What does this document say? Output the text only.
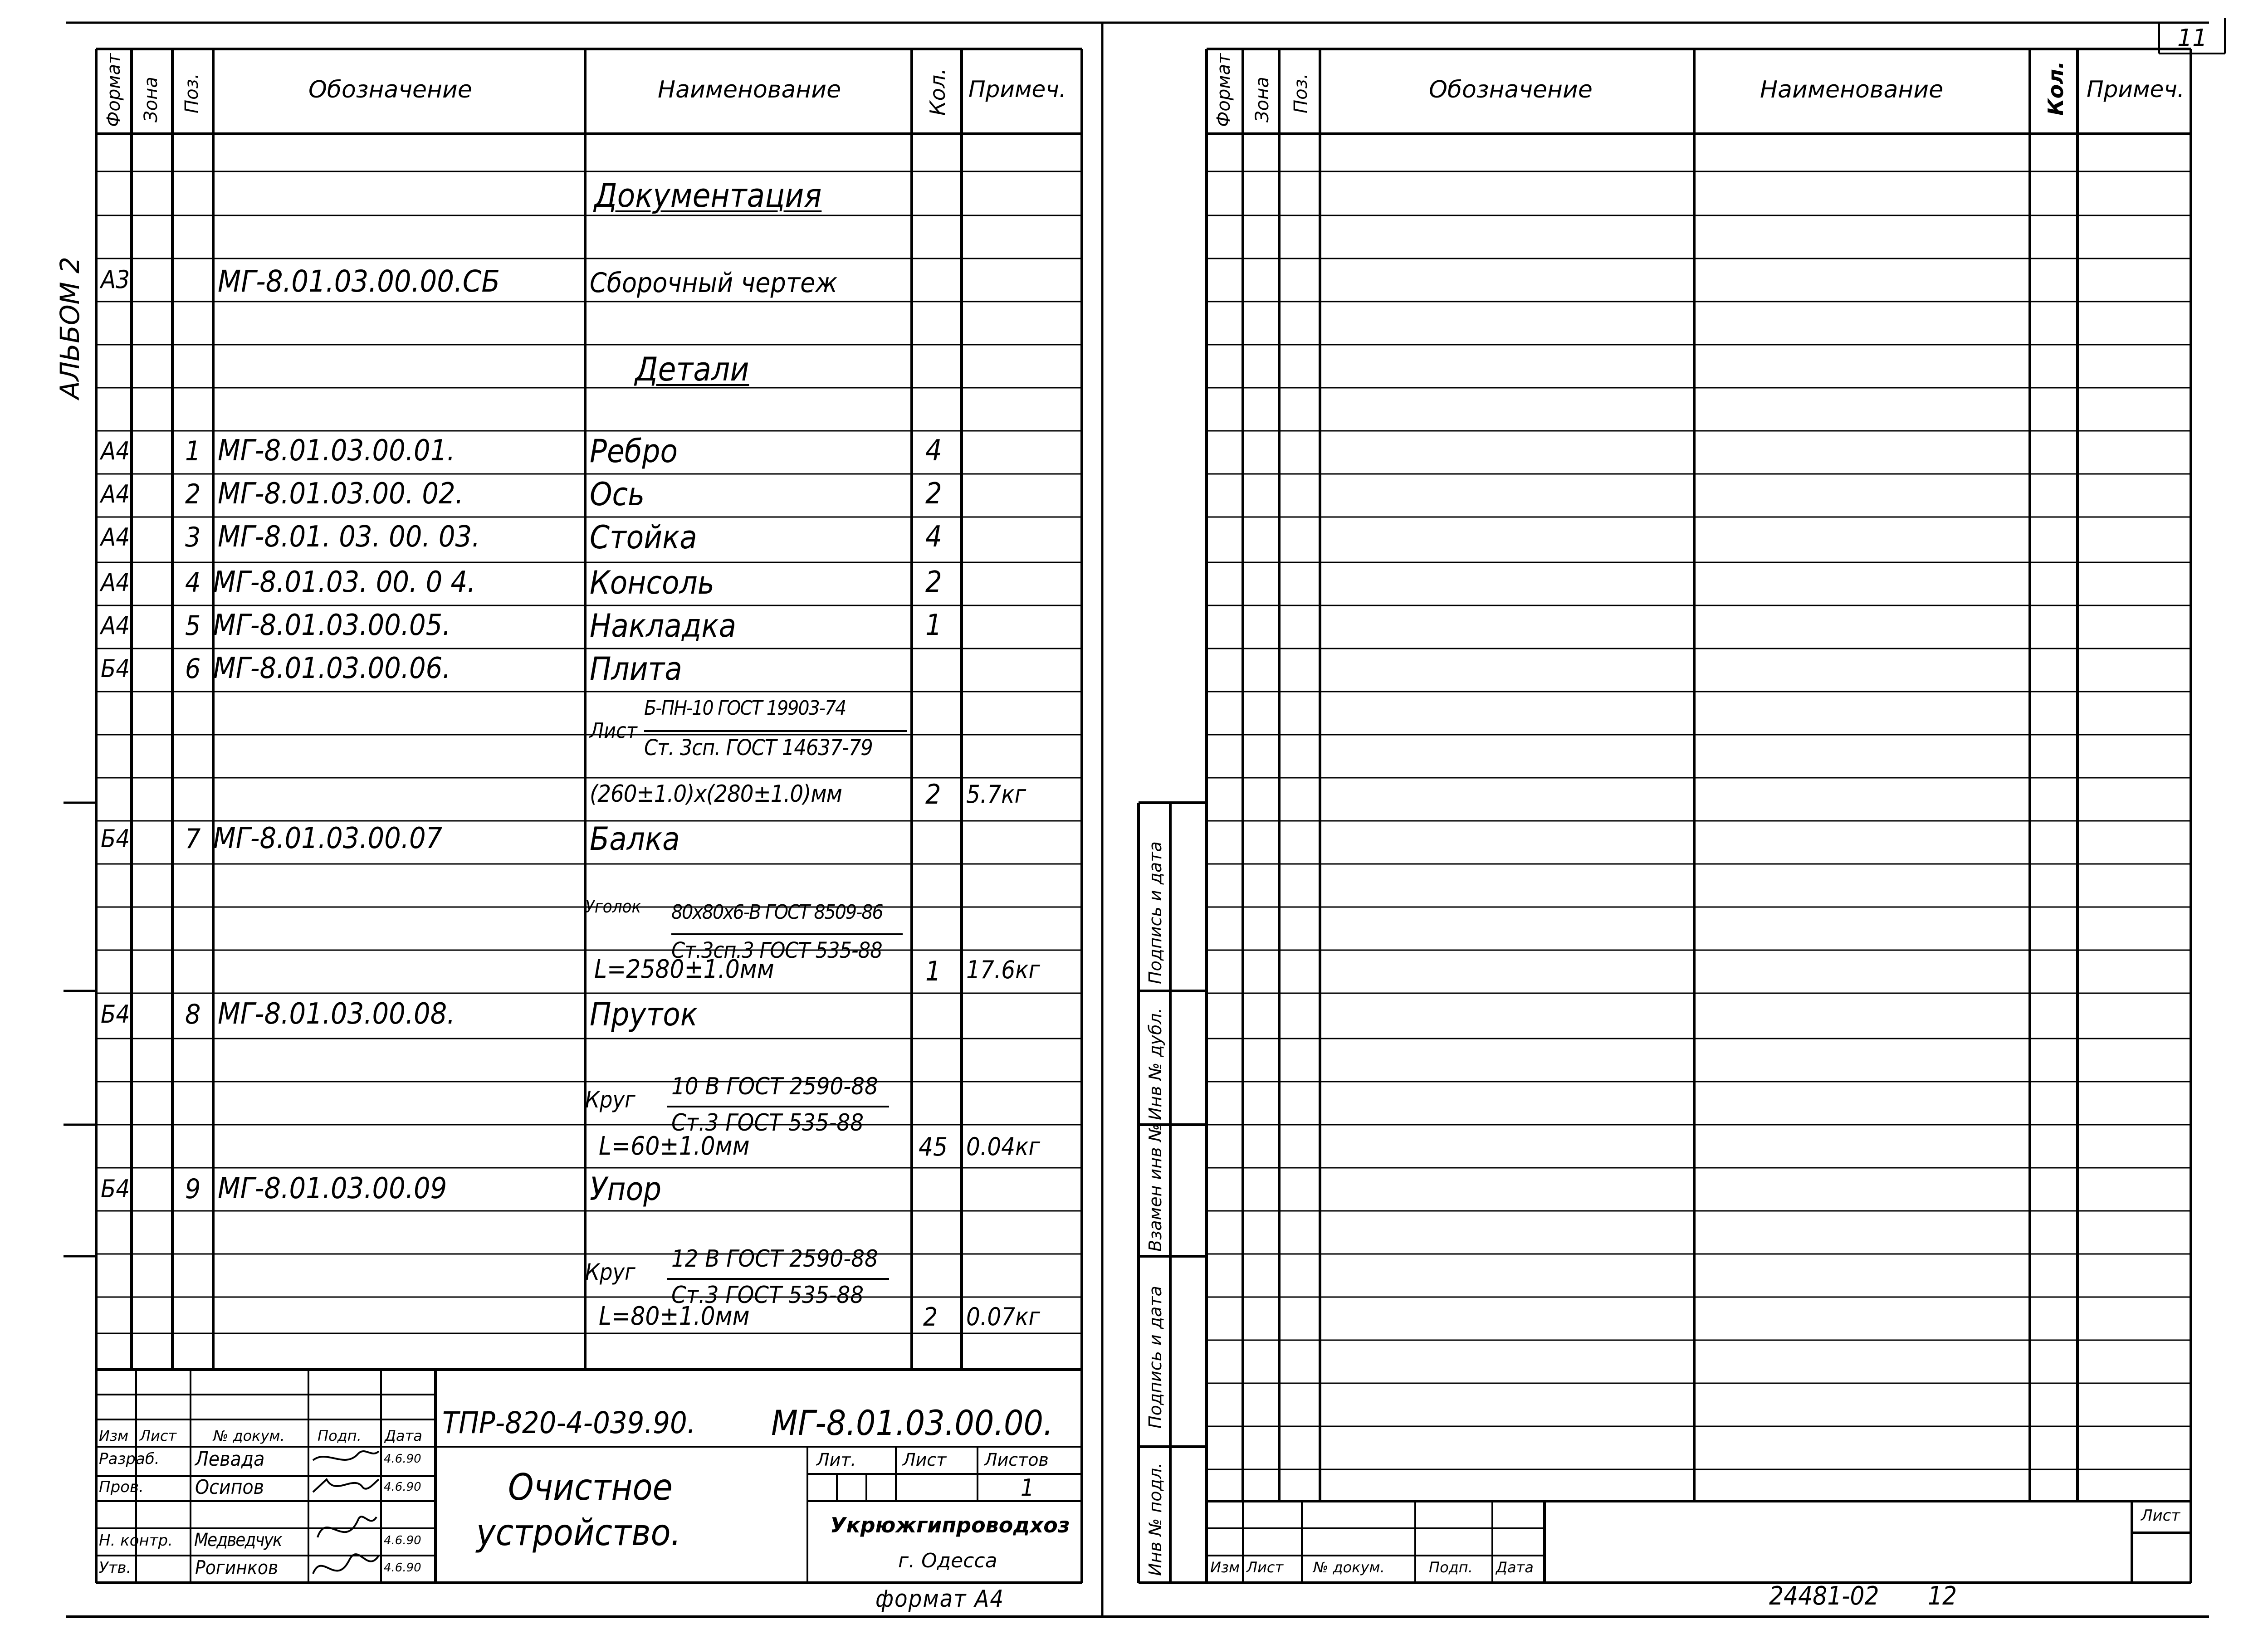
11
АЛЬБОМ 2
Формат Зона Поз.	Обозначение	Наименование	Кол. Примеч.
Документация
А3	МГ-8.01.03.00.00.СБ	Сборочный чертеж
Детали
А4 1 МГ-8.01.03.00.01.	Ребро	4
А4 2 МГ-8.01.03.00. 02.	Ось	2
А4 3 МГ-8.01. 03. 00. 03.	Стойка	4
А4 4 МГ-8.01.03. 00. 0 4.	Консоль	2
А4 5 МГ-8.01.03.00.05.	Накладка	1
Б4 6 МГ-8.01.03.00.06.	Плита
Лист
Б-ПН-10 ГОСТ 19903-74
Ст. 3сп. ГОСТ 14637-79
(260±1.0)x(280±1.0)мм	2 5.7кг
Б4 7 МГ-8.01.03.00.07	Балка
Уголок 80x80x6-В ГОСТ 8509-86
Ст.3сп.3 ГОСТ 535-88
L=2580±1.0мм	1 17.6кг
Б4 8 МГ-8.01.03.00.08.	Пруток
Круг 10 В ГОСТ 2590-88
Ст.3 ГОСТ 535-88
L=60±1.0мм	45 0.04кг
Б4 9 МГ-8.01.03.00.09	Упор
Круг 12 В ГОСТ 2590-88
Ст.3 ГОСТ 535-88
L=80±1.0мм	2 0.07кг
ТПР-820-4-039.90. МГ-8.01.03.00.00.
Изм Лист	№ докум. Подп. Дата
Разраб. Левада	4.6.90
Пров.	Осипов	4.6.90
Н. контр. Медведчук	4.6.90
Утв.	Рогинков	4.6.90
Очистное
устройство.
Лит.	Лист Листов
1
Укрюжгипроводхоз
г. Одесса
формат А4
Формат Зона Поз.	Обозначение	Наименование	Кол. Примеч.
Подпись и дата
Инв № дубл.
Взамен инв №
Подпись и дата
Инв № подл.	Изм Лист № докум.	Подп. Дата
Лист
24481-02 12
